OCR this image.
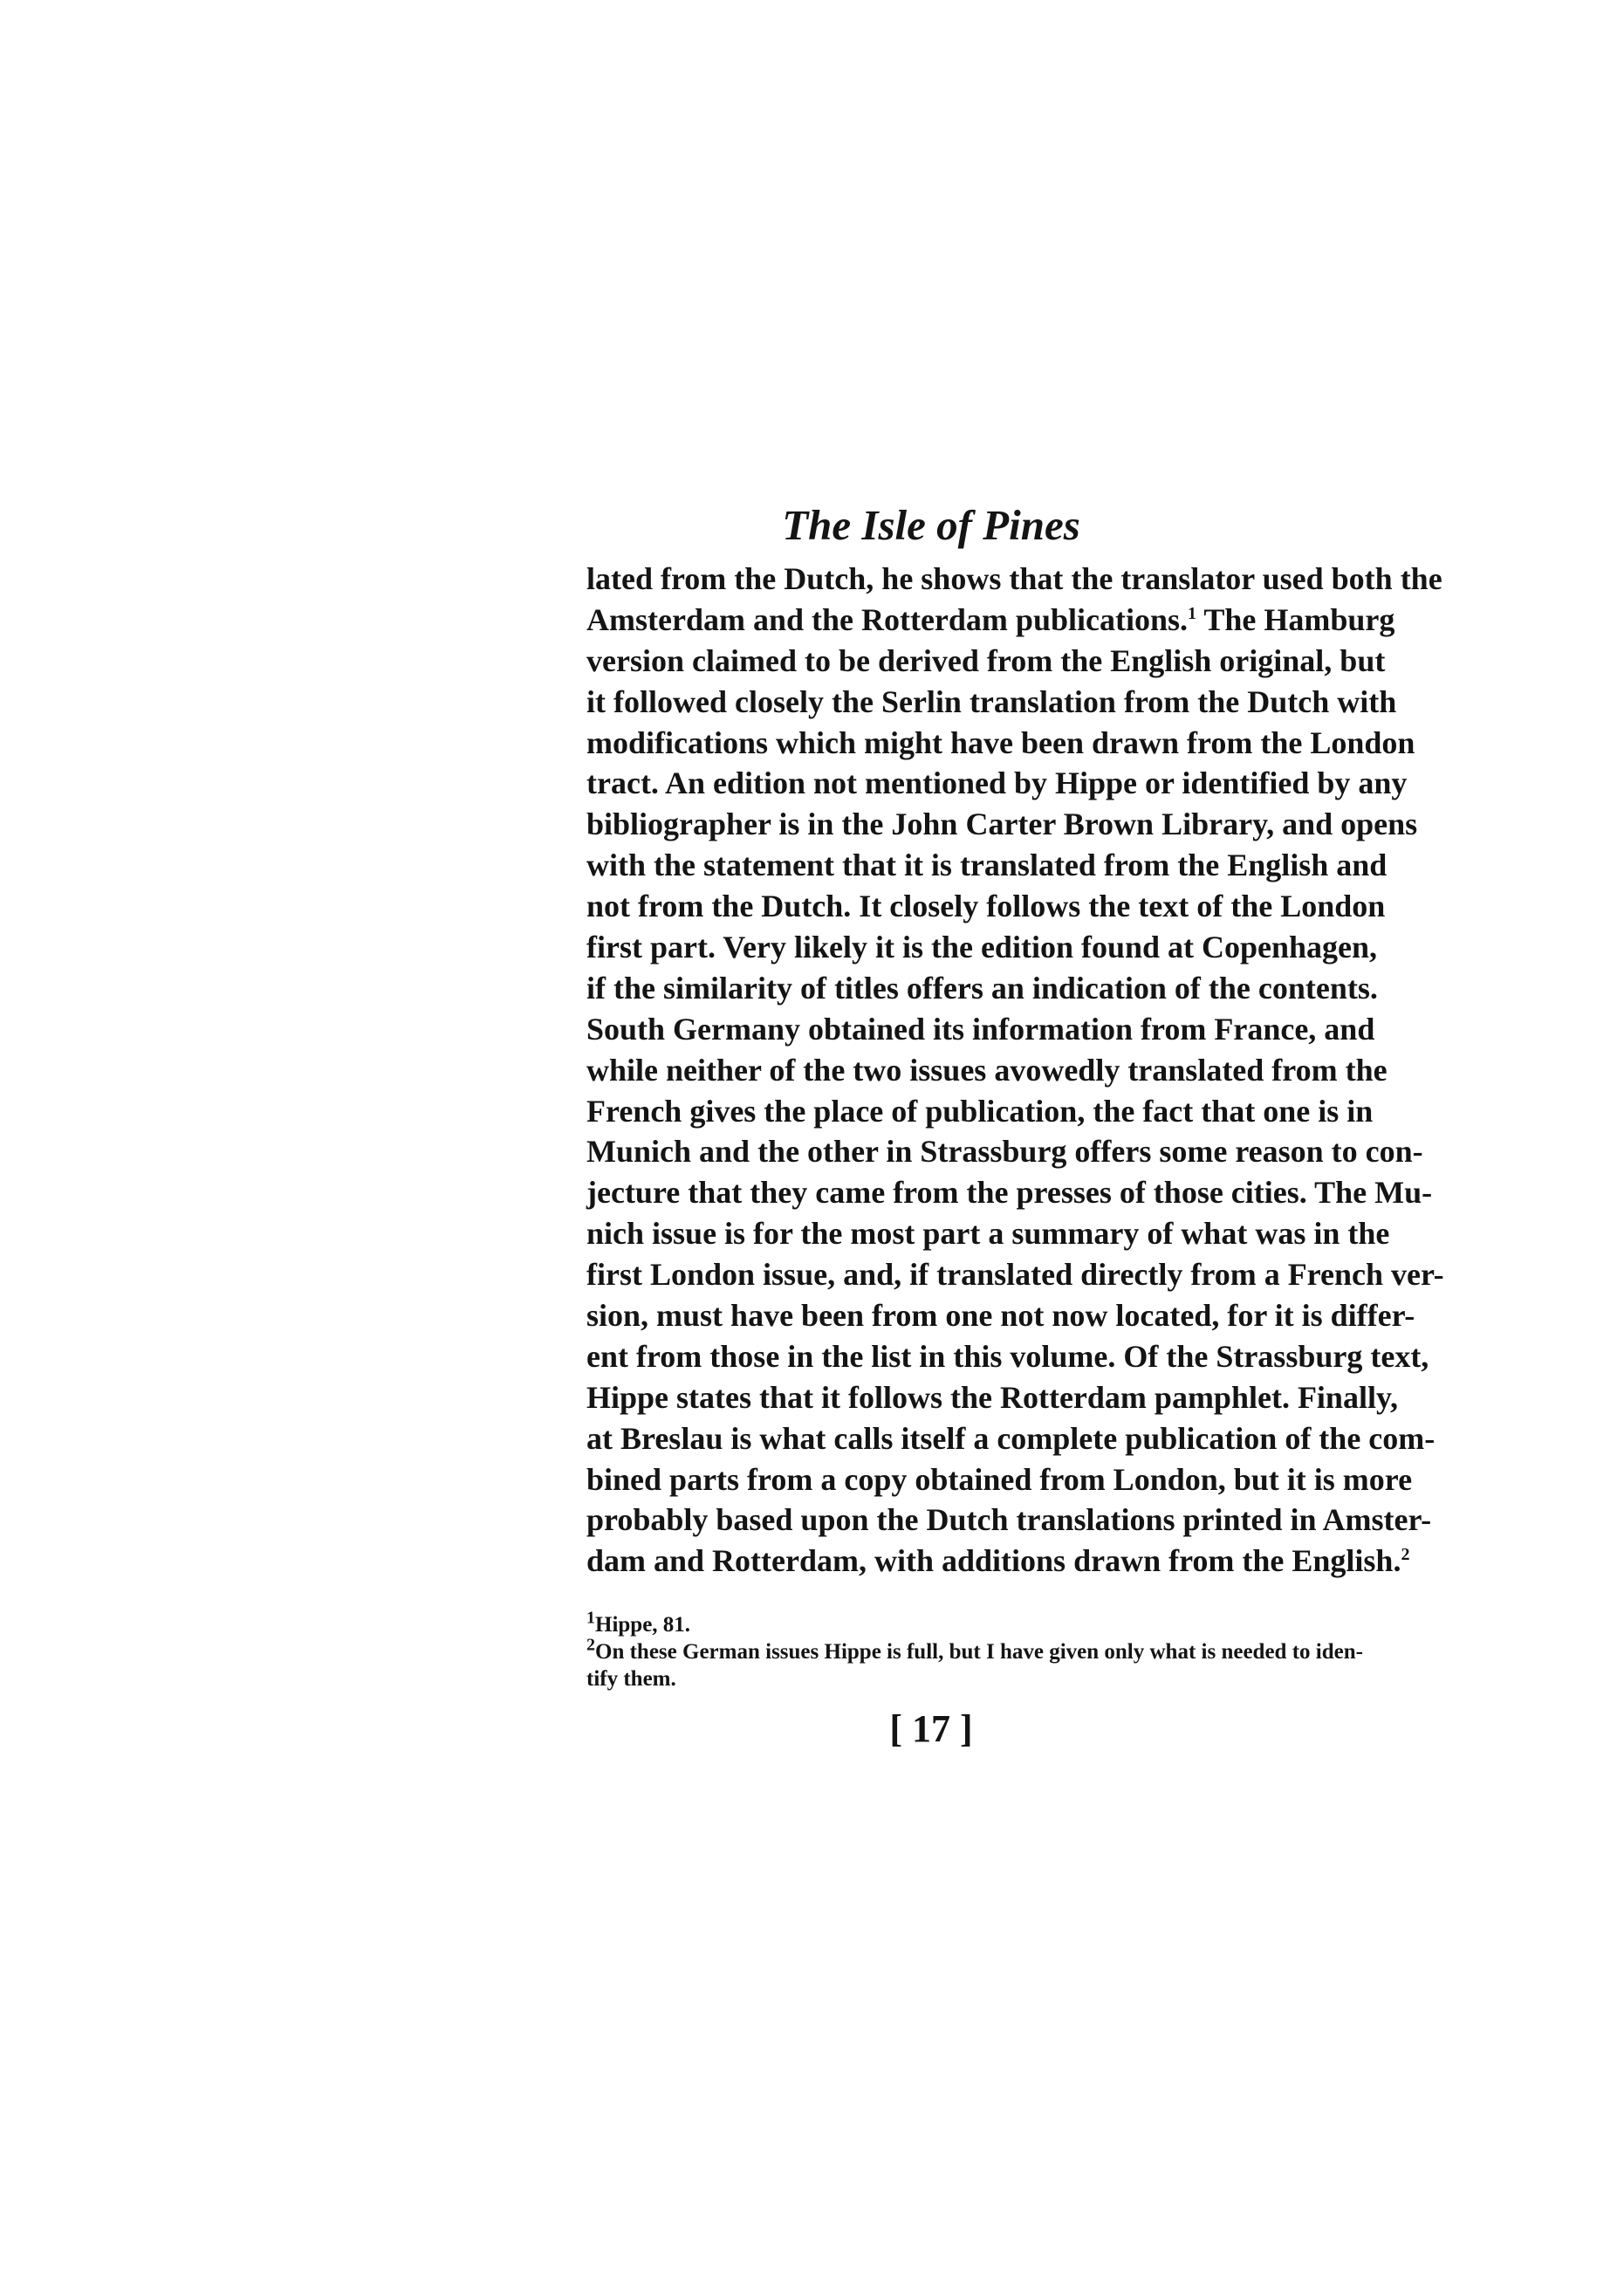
The Isle of Pines
lated from the Dutch, he shows that the translator used both the
Amsterdam and the Rotterdam publications.$^1$ The Hamburg
version claimed to be derived from the English original, but
it followed closely the Serlin translation from the Dutch with
modifications which might have been drawn from the London
tract. An edition not mentioned by Hippe or identified by any
bibliographer is in the John Carter Brown Library, and opens
with the statement that it is translated from the English and
not from the Dutch. It closely follows the text of the London
first part. Very likely it is the edition found at Copenhagen,
if the similarity of titles offers an indication of the contents.
South Germany obtained its information from France, and
while neither of the two issues avowedly translated from the
French gives the place of publication, the fact that one is in
Munich and the other in Strassburg offers some reason to con-
jecture that they came from the presses of those cities. The Mu-
nich issue is for the most part a summary of what was in the
first London issue, and, if translated directly from a French ver-
sion, must have been from one not now located, for it is differ-
ent from those in the list in this volume. Of the Strassburg text,
Hippe states that it follows the Rotterdam pamphlet. Finally,
at Breslau is what calls itself a complete publication of the com-
bined parts from a copy obtained from London, but it is more
probably based upon the Dutch translations printed in Amster-
dam and Rotterdam, with additions drawn from the English.$^2$
$^1$Hippe, 81.
$^2$On these German issues Hippe is full, but I have given only what is needed to iden-
tify them.
[ 17 ]
